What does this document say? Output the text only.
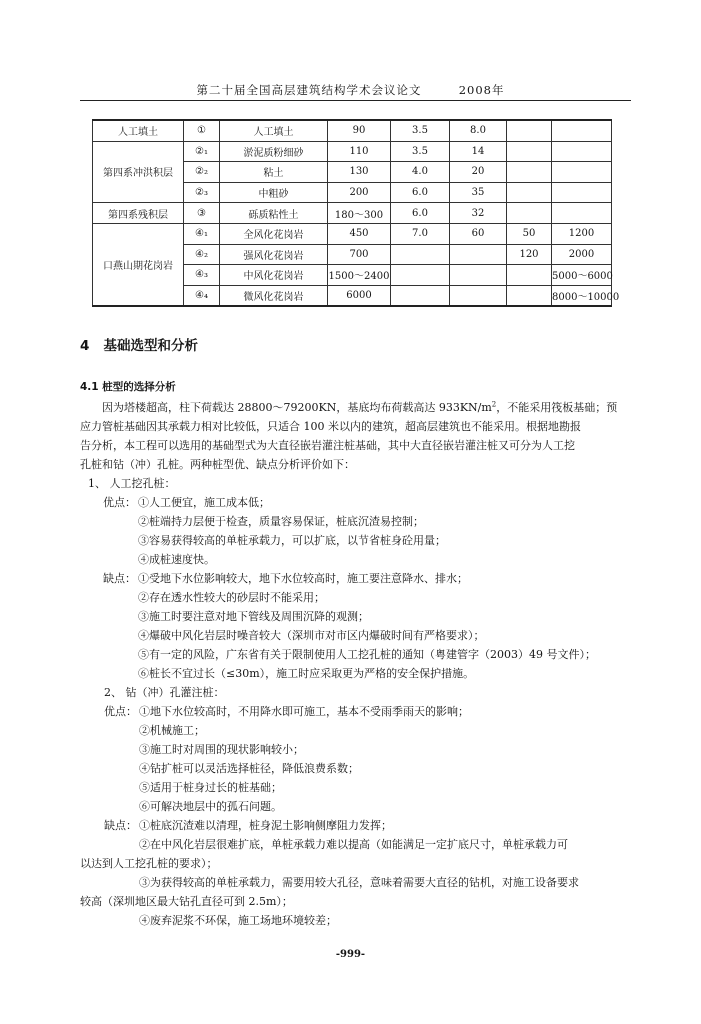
第二十届全国高层建筑结构学术会议论文	2008年
人工填土	①	人工填土	90	3.5	8.0		
第四系冲洪积层	②₁	淤泥质粉细砂	110	3.5	14		
	②₂	粘土	130	4.0	20		
	②₃	中粗砂	200	6.0	35		
第四系残积层	③	砾质粘性土	180～300	6.0	32		
口燕山期花岗岩	④₁	全风化花岗岩	450	7.0	60	50	1200
	④₂	强风化花岗岩	700			120	2000
	④₃	中风化花岗岩	1500～2400				5000～6000
	④₄	微风化花岗岩	6000				8000～10000
4 基础选型和分析
4.1 桩型的选择分析
因为塔楼超高，柱下荷载达 28800～79200KN，基底均布荷载高达 $933KN/m^2$，不能采用筏板基础；预
应力管桩基础因其承载力相对比较低，只适合 100 米以内的建筑，超高层建筑也不能采用。根据地勘报
告分析，本工程可以选用的基础型式为大直径嵌岩灌注桩基础，其中大直径嵌岩灌注桩又可分为人工挖
孔桩和钻（冲）孔桩。两种桩型优、缺点分析评价如下：
1、 人工挖孔桩：
优点： ①人工便宜，施工成本低；
②桩端持力层便于检查，质量容易保证，桩底沉渣易控制；
③容易获得较高的单桩承载力，可以扩底，以节省桩身砼用量；
④成桩速度快。
缺点： ①受地下水位影响较大，地下水位较高时，施工要注意降水、排水；
②存在透水性较大的砂层时不能采用；
③施工时要注意对地下管线及周围沉降的观测；
④爆破中风化岩层时噪音较大（深圳市对市区内爆破时间有严格要求）；
⑤有一定的风险，广东省有关于限制使用人工挖孔桩的通知（粤建管字（2003）49 号文件）；
⑥桩长不宜过长（≤30m），施工时应采取更为严格的安全保护措施。
2、 钻（冲）孔灌注桩：
优点： ①地下水位较高时，不用降水即可施工，基本不受雨季雨天的影响；
②机械施工；
③施工时对周围的现状影响较小；
④钻扩桩可以灵活选择桩径，降低浪费系数；
⑤适用于桩身过长的桩基础；
⑥可解决地层中的孤石问题。
缺点： ①桩底沉渣难以清理，桩身泥土影响侧摩阻力发挥；
②在中风化岩层很难扩底，单桩承载力难以提高（如能满足一定扩底尺寸，单桩承载力可
以达到人工挖孔桩的要求）；
③为获得较高的单桩承载力，需要用较大孔径，意味着需要大直径的钻机，对施工设备要求
较高（深圳地区最大钻孔直径可到 2.5m）；
④废弃泥浆不环保，施工场地环境较差；
-999-
